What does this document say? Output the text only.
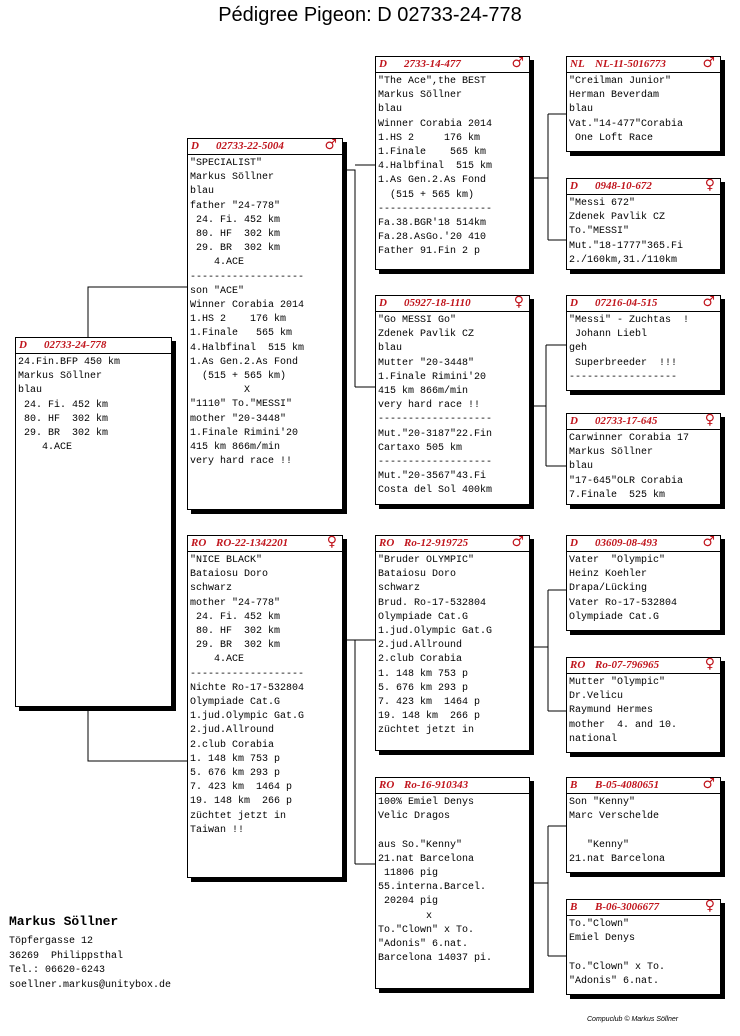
Pédigree Pigeon: D 02733-24-778
D 02733-24-778
24.Fin.BFP 450 km
Markus Söllner
blau
24. Fi. 452 km
80. HF  302 km
29. BR  302 km
4.ACE
D 02733-22-5004	♂
"SPECIALIST"
Markus Söllner
blau
father "24-778"
24. Fi. 452 km
80. HF  302 km
29. BR  302 km
4.ACE
-------------------
son "ACE"
Winner Corabia 2014
1.HS 2    176 km
1.Finale   565 km
4.Halbfinal  515 km
1.As Gen.2.As Fond
(515 + 565 km)
X
"1110" To."MESSI"
mother "20-3448"
1.Finale Rimini'20
415 km 866m/min
very hard race !!
RO RO-22-1342201	♀
"NICE BLACK"
Bataiosu Doro
schwarz
mother "24-778"
24. Fi. 452 km
80. HF  302 km
29. BR  302 km
4.ACE
-------------------
Nichte Ro-17-532804
Olympiade Cat.G
1.jud.Olympic Gat.G
2.jud.Allround
2.club Corabia
1. 148 km 753 p
5. 676 km 293 p
7. 423 km  1464 p
19. 148 km  266 p
züchtet jetzt in
Taiwan !!
D 2733-14-477	♂
"The Ace",the BEST
Markus Söllner
blau
Winner Corabia 2014
1.HS 2     176 km
1.Finale    565 km
4.Halbfinal  515 km
1.As Gen.2.As Fond
(515 + 565 km)
-------------------
Fa.38.BGR'18 514km
Fa.28.AsGo.'20 410
Father 91.Fin 2 p
D 05927-18-1110	♀
"Go MESSI Go"
Zdenek Pavlik CZ
blau
Mutter "20-3448"
1.Finale Rimini'20
415 km 866m/min
very hard race !!
-------------------
Mut."20-3187"22.Fin
Cartaxo 505 km
-------------------
Mut."20-3567"43.Fi
Costa del Sol 400km
RO Ro-12-919725	♂
"Bruder OLYMPIC"
Bataiosu Doro
schwarz
Brud. Ro-17-532804
Olympiade Cat.G
1.jud.Olympic Gat.G
2.jud.Allround
2.club Corabia
1. 148 km 753 p
5. 676 km 293 p
7. 423 km  1464 p
19. 148 km  266 p
züchtet jetzt in
RO Ro-16-910343
100% Emiel Denys
Velic Dragos

aus So."Kenny"
21.nat Barcelona
11806 pig
55.interna.Barcel.
20204 pig
x
To."Clown" x To.
"Adonis" 6.nat.
Barcelona 14037 pi.
NL NL-11-5016773	♂
"Creilman Junior"
Herman Beverdam
blau
Vat."14-477"Corabia
One Loft Race
D 0948-10-672	♀
"Messi 672"
Zdenek Pavlik CZ
To."MESSI"
Mut."18-1777"365.Fi
2./160km,31./110km
D 07216-04-515	♂
"Messi" - Zuchtas  !
Johann Liebl
geh
Superbreeder  !!!
------------------
D 02733-17-645	♀
Carwinner Corabia 17
Markus Söllner
blau
"17-645"OLR Corabia
7.Finale  525 km
D 03609-08-493	♂
Vater  "Olympic"
Heinz Koehler
Drapa/Lücking
Vater Ro-17-532804
Olympiade Cat.G
RO Ro-07-796965	♀
Mutter "Olympic"
Dr.Velicu
Raymund Hermes
mother  4. and 10.
national
B B-05-4080651	♂
Son "Kenny"
Marc Verschelde

"Kenny"
21.nat Barcelona
B B-06-3006677	♀
To."Clown"
Emiel Denys

To."Clown" x To.
"Adonis" 6.nat.
Markus Söllner
Töpfergasse 12
36269  Philippsthal
Tel.: 06620-6243
soellner.markus@unitybox.de
Compuclub © Markus Söllner
